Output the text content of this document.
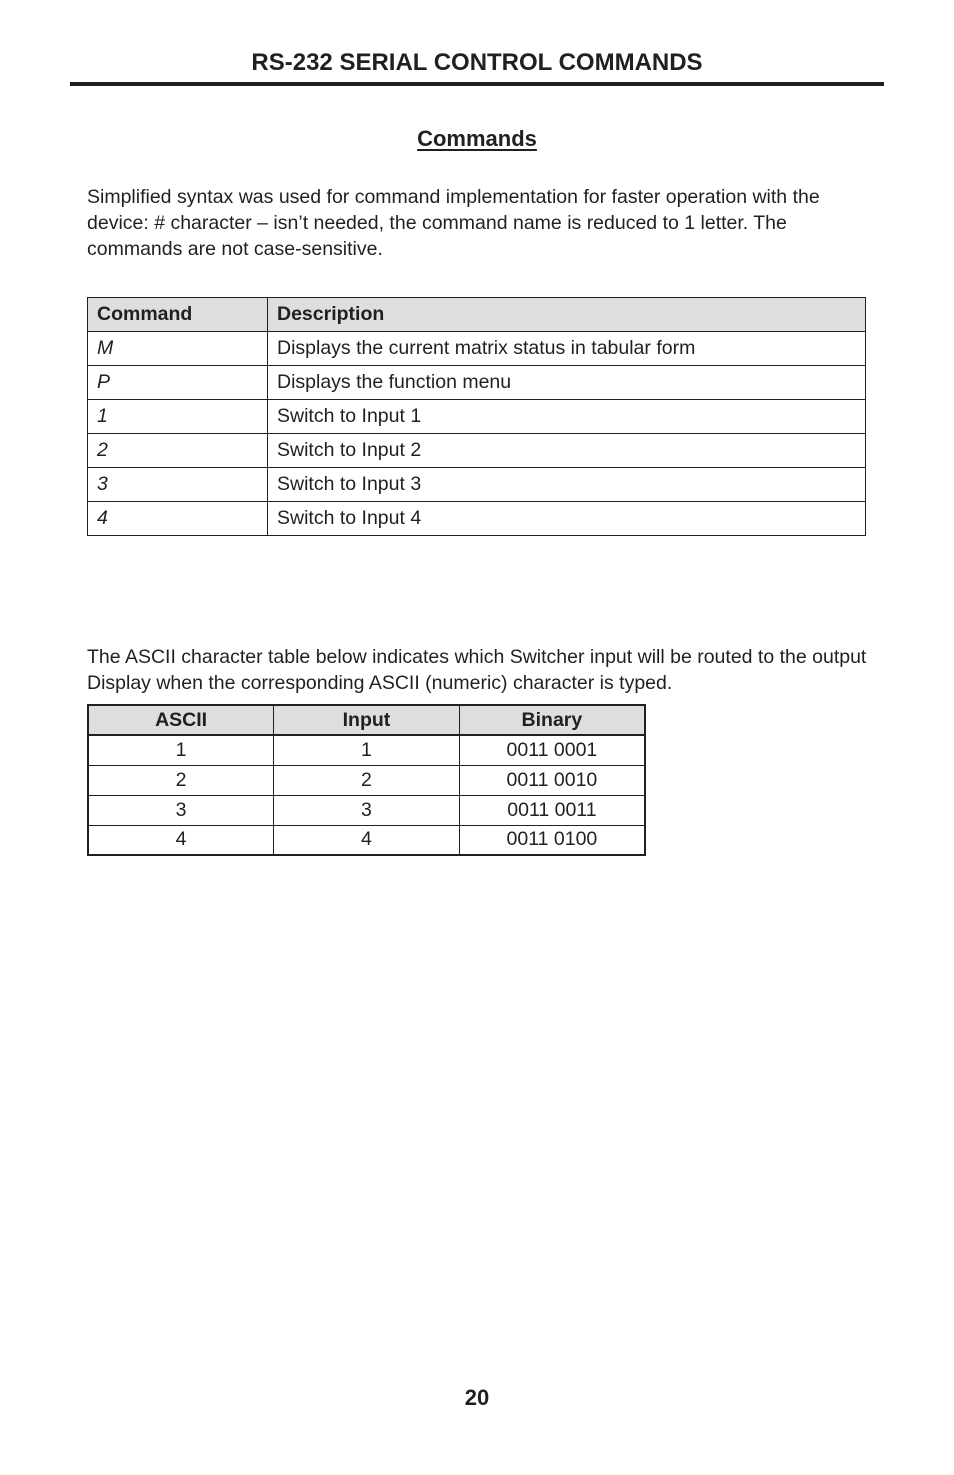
RS-232 SERIAL CONTROL COMMANDS
Commands

Simplified syntax was used for command implementation for faster operation with the device: # character – isn’t needed, the command name is reduced to 1 letter. The commands are not case-sensitive.

Command	Description
M	Displays the current matrix status in tabular form
P	Displays the function menu
1	Switch to Input 1
2	Switch to Input 2
3	Switch to Input 3
4	Switch to Input 4

The ASCII character table below indicates which Switcher input will be routed to the output Display when the corresponding ASCII (numeric) character is typed.

ASCII	Input	Binary
1	1	0011 0001
2	2	0011 0010
3	3	0011 0011
4	4	0011 0100
20
